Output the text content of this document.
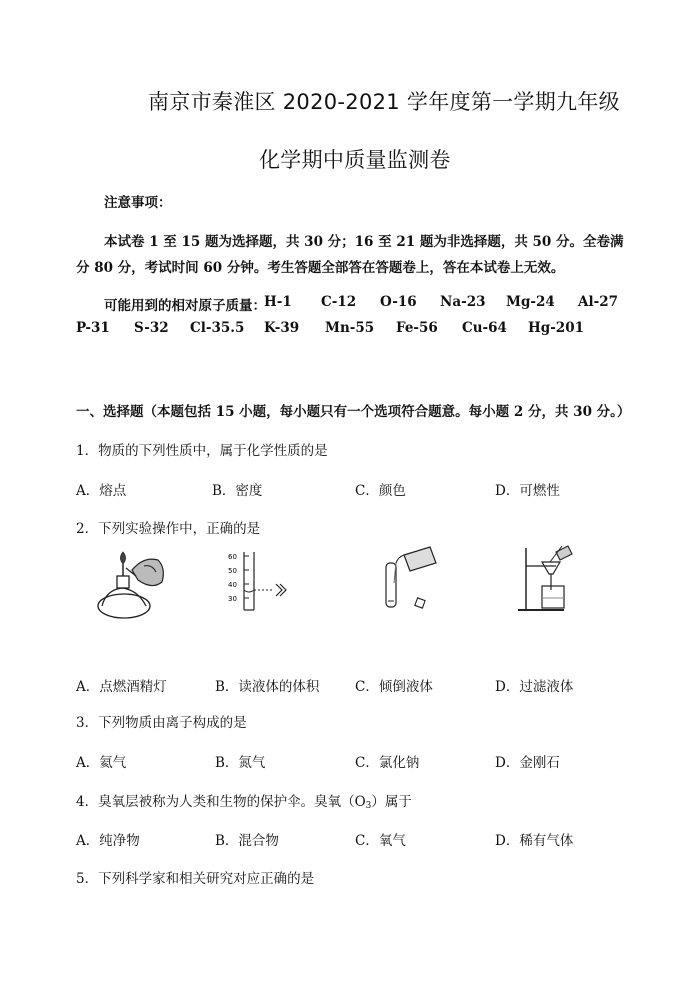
南京市秦淮区 2020-2021 学年度第一学期九年级
化学期中质量监测卷
注意事项：
本试卷 1 至 15 题为选择题，共 30 分；16 至 21 题为非选择题，共 50 分。全卷满分 80 分，考试时间 60 分钟。考生答题全部答在答题卷上，答在本试卷上无效。
可能用到的相对原子质量：
H-1 C-12 O-16 Na-23 Mg-24 Al-27
P-31 S-32 Cl-35.5 K-39 Mn-55 Fe-56 Cu-64 Hg-201
一、选择题（本题包括 15 小题，每小题只有一个选项符合题意。每小题 2 分，共 30 分。）
1．物质的下列性质中，属于化学性质的是
A．熔点	B．密度	C．颜色	D．可燃性
2．下列实验操作中，正确的是
60
50
40
30
A．点燃酒精灯	B．读液体的体积	C．倾倒液体	D．过滤液体
3．下列物质由离子构成的是
A．氦气	B．氮气	C．氯化钠	D．金刚石
4．臭氧层被称为人类和生物的保护伞。臭氧$(O_3)$属于
A．纯净物	B．混合物	C．氧气	D．稀有气体
5．下列科学家和相关研究对应正确的是
